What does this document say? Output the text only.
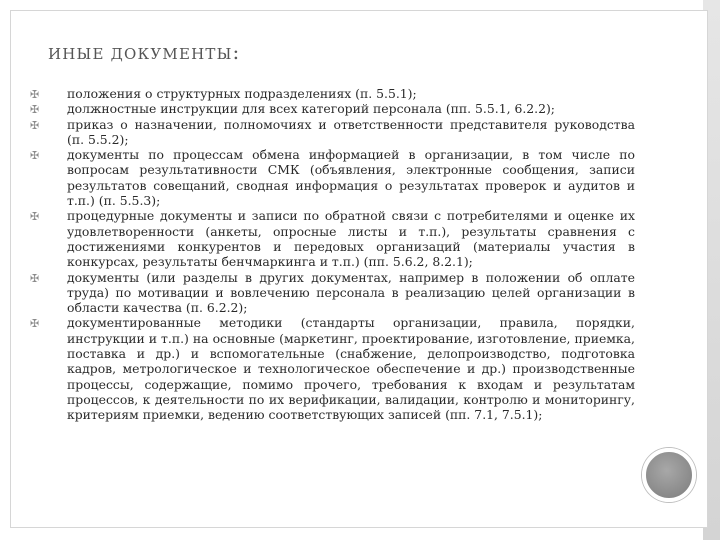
ИНЫЕ ДОКУМЕНТЫ:
✠ положения о структурных подразделениях (п. 5.5.1);
✠ должностные инструкции для всех категорий персонала (пп. 5.5.1, 6.2.2);
✠ приказ о назначении, полномочиях и ответственности представителя руководства (п. 5.5.2);
✠ документы по процессам обмена информацией в организации, в том числе по вопросам результативности СМК (объявления, электронные сообщения, записи результатов совещаний, сводная информация о результатах проверок и аудитов и т.п.) (п. 5.5.3);
✠ процедурные документы и записи по обратной связи с потребителями и оценке их удовлетворенности (анкеты, опросные листы и т.п.), результаты сравнения с достижениями конкурентов и передовых организаций (материалы участия в конкурсах, результаты бенчмаркинга и т.п.) (пп. 5.6.2, 8.2.1);
✠ документы (или разделы в других документах, например в положении об оплате труда) по мотивации и вовлечению персонала в реализацию целей организации в области качества (п. 6.2.2);
✠ документированные методики (стандарты организации, правила, порядки, инструкции и т.п.) на основные (маркетинг, проектирование, изготовление, приемка, поставка и др.) и вспомогательные (снабжение, делопроизводство, подготовка кадров, метрологическое и технологическое обеспечение и др.) производственные процессы, содержащие, помимо прочего, требования к входам и результатам процессов, к деятельности по их верификации, валидации, контролю и мониторингу, критериям приемки, ведению соответствующих записей (пп. 7.1, 7.5.1);
